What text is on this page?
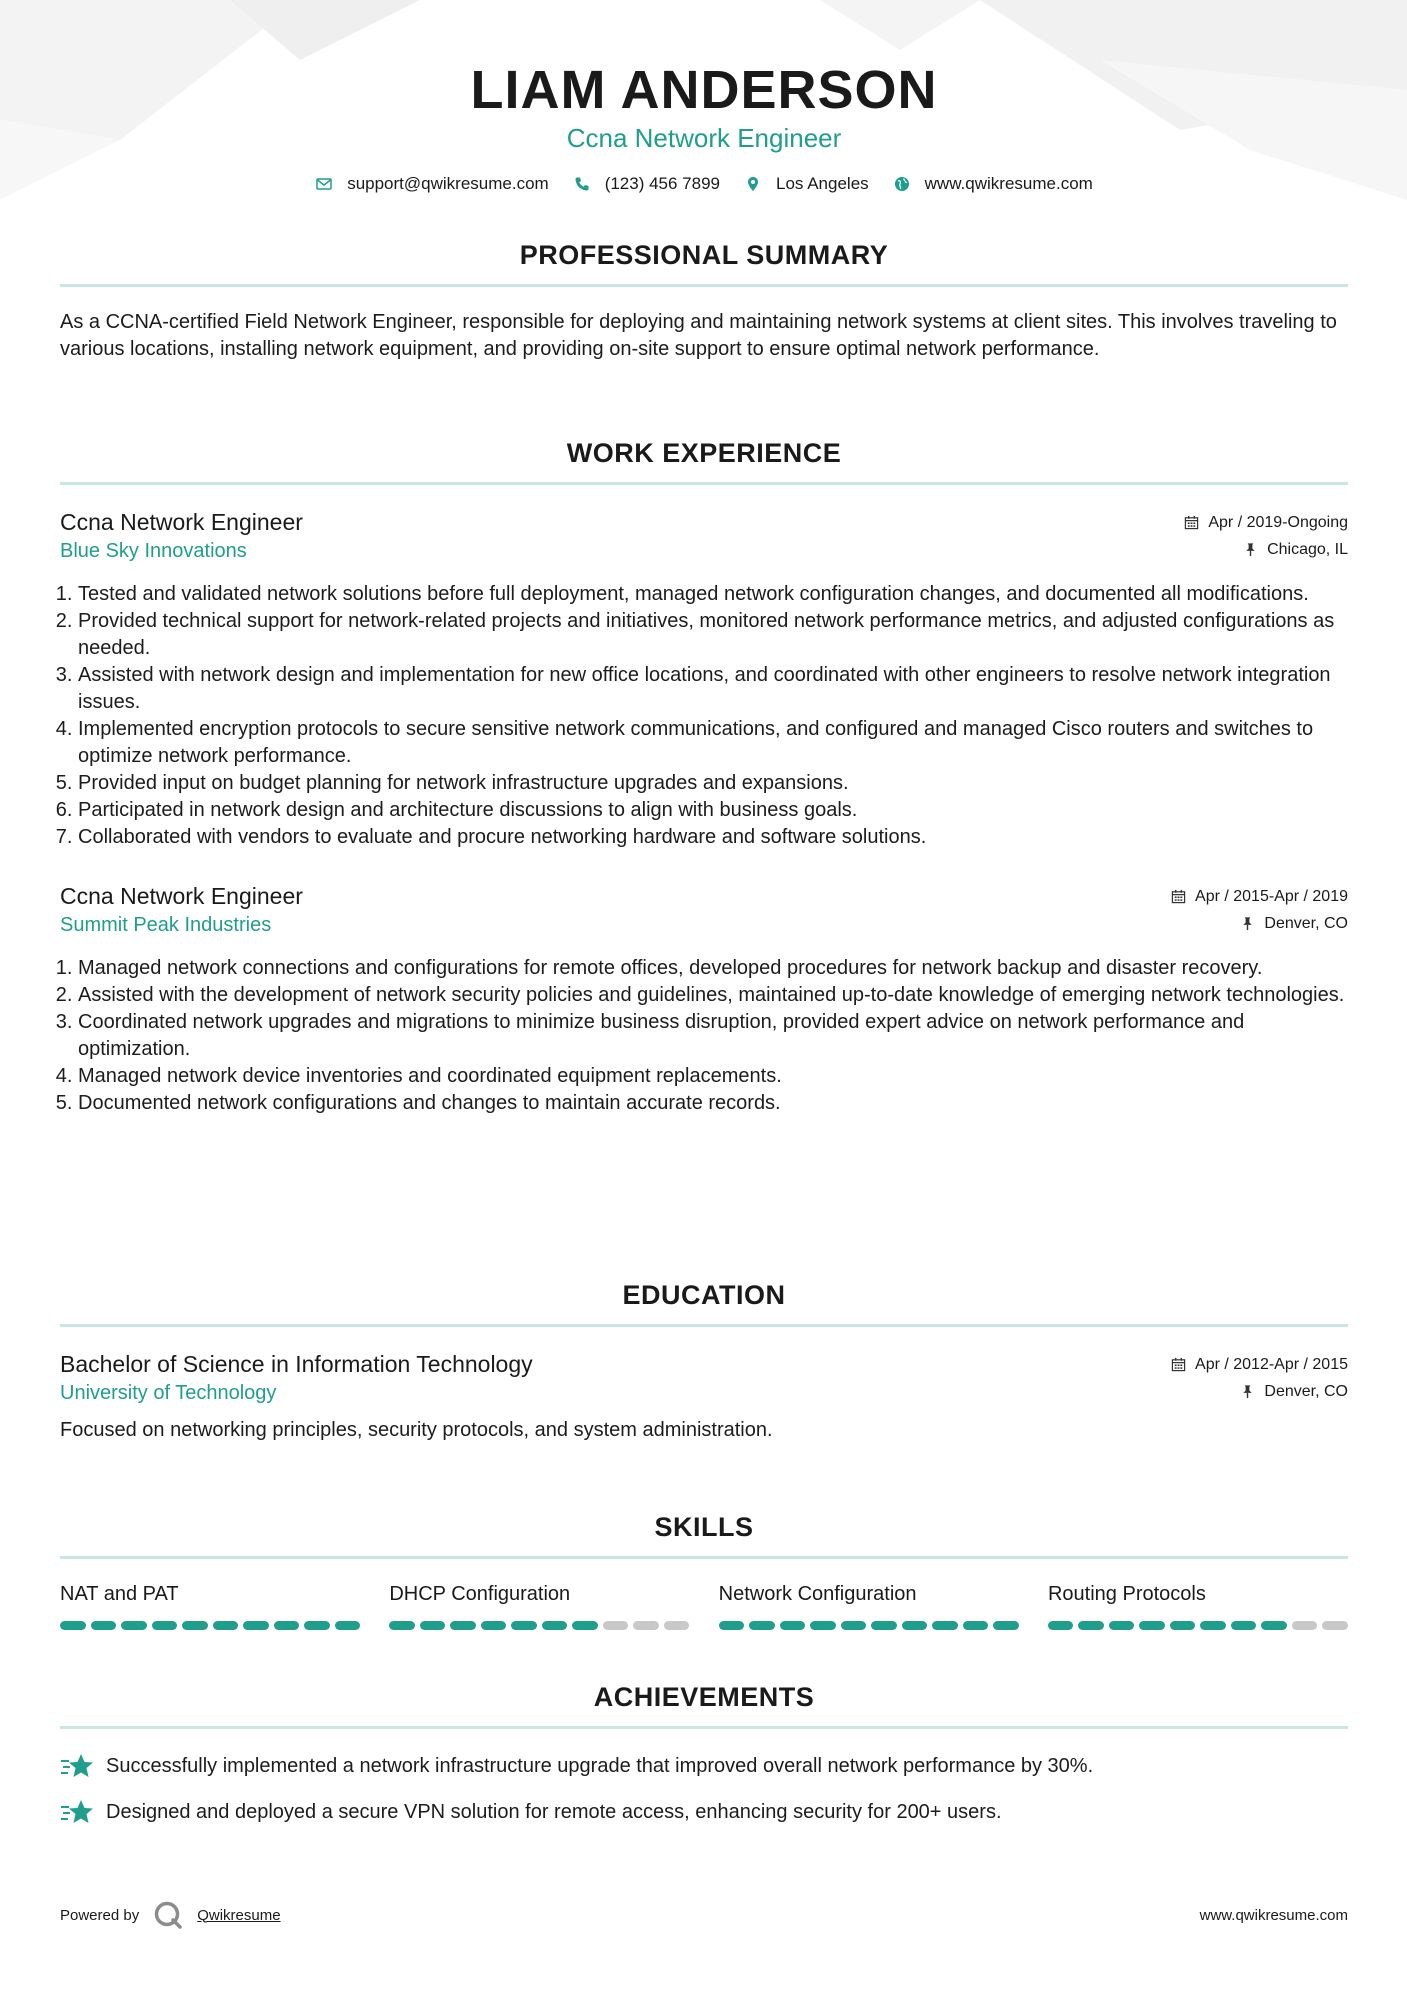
LIAM ANDERSON
Ccna Network Engineer
support@qwikresume.com	(123) 456 7899	Los Angeles	www.qwikresume.com
PROFESSIONAL SUMMARY
As a CCNA-certified Field Network Engineer, responsible for deploying and maintaining network systems at client sites. This involves traveling to various locations, installing network equipment, and providing on-site support to ensure optimal network performance.
WORK EXPERIENCE
Ccna Network Engineer	Apr / 2019-Ongoing
Blue Sky Innovations	Chicago, IL
1. Tested and validated network solutions before full deployment, managed network configuration changes, and documented all modifications.
2. Provided technical support for network-related projects and initiatives, monitored network performance metrics, and adjusted configurations as needed.
3. Assisted with network design and implementation for new office locations, and coordinated with other engineers to resolve network integration issues.
4. Implemented encryption protocols to secure sensitive network communications, and configured and managed Cisco routers and switches to optimize network performance.
5. Provided input on budget planning for network infrastructure upgrades and expansions.
6. Participated in network design and architecture discussions to align with business goals.
7. Collaborated with vendors to evaluate and procure networking hardware and software solutions.
Ccna Network Engineer	Apr / 2015-Apr / 2019
Summit Peak Industries	Denver, CO
1. Managed network connections and configurations for remote offices, developed procedures for network backup and disaster recovery.
2. Assisted with the development of network security policies and guidelines, maintained up-to-date knowledge of emerging network technologies.
3. Coordinated network upgrades and migrations to minimize business disruption, provided expert advice on network performance and optimization.
4. Managed network device inventories and coordinated equipment replacements.
5. Documented network configurations and changes to maintain accurate records.
EDUCATION
Bachelor of Science in Information Technology	Apr / 2012-Apr / 2015
University of Technology	Denver, CO
Focused on networking principles, security protocols, and system administration.
SKILLS
NAT and PAT	DHCP Configuration	Network Configuration	Routing Protocols
ACHIEVEMENTS
Successfully implemented a network infrastructure upgrade that improved overall network performance by 30%.
Designed and deployed a secure VPN solution for remote access, enhancing security for 200+ users.
Powered by	Qwikresume	www.qwikresume.com
